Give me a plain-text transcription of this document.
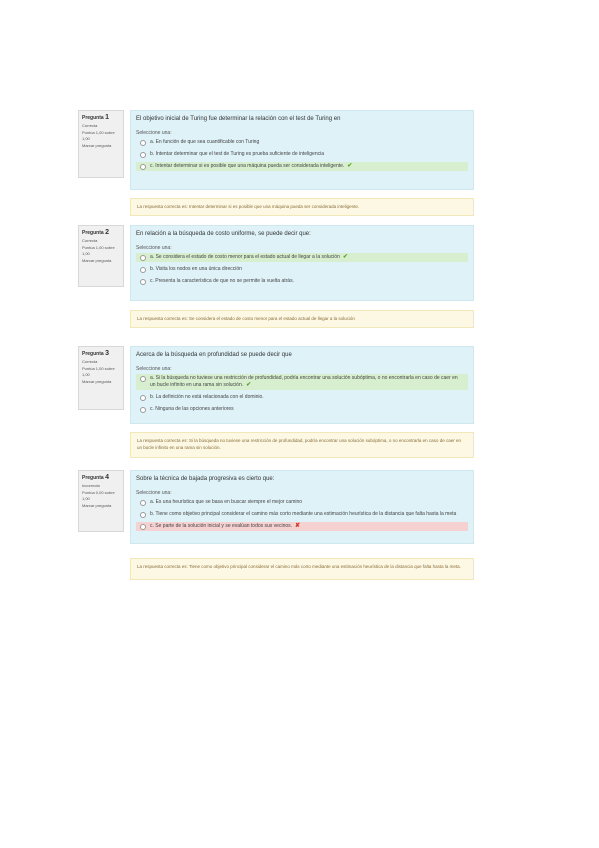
Pregunta 1
Correcta
Puntúa 1,00 sobre 1,00
Marcar pregunta
El objetivo inicial de Turing fue determinar la relación con el test de Turing en
Seleccione una:
a. En función de que sea cuantificable con Turing
b. Intentar determinar que el test de Turing es prueba suficiente de inteligencia
c. Intentar determinar si es posible que una máquina pueda ser considerada inteligente. ✔
La respuesta correcta es: Intentar determinar si es posible que una máquina pueda ser considerada inteligente.
Pregunta 2
Correcta
Puntúa 1,00 sobre 1,00
Marcar pregunta
En relación a la búsqueda de costo uniforme, se puede decir que:
Seleccione una:
a. Se considera el estado de costo menor para el estado actual de llegar a la solución ✔
b. Visita los nodos en una única dirección
c. Presenta la característica de que no se permite la vuelta atrás.
La respuesta correcta es: Se considera el estado de costo menor para el estado actual de llegar a la solución
Pregunta 3
Correcta
Puntúa 1,00 sobre 1,00
Marcar pregunta
Acerca de la búsqueda en profundidad se puede decir que
Seleccione una:
a. Si la búsqueda no tuviese una restricción de profundidad, podría encontrar una solución subóptima, o no encontrarla en caso de caer en un bucle infinito en una rama sin solución. ✔
b. La definición no está relacionada con el dominio.
c. Ninguna de las opciones anteriores
La respuesta correcta es: Si la búsqueda no tuviese una restricción de profundidad, podría encontrar una solución subóptima, o no encontrarla en caso de caer en un bucle infinito en una rama sin solución.
Pregunta 4
Incorrecta
Puntúa 0,00 sobre 1,00
Marcar pregunta
Sobre la técnica de bajada progresiva es cierto que:
Seleccione una:
a. Es una heurística que se basa en buscar siempre el mejor camino
b. Tiene como objetivo principal considerar el camino más corto mediante una estimación heurística de la distancia que falta hasta la meta
c. Se parte de la solución inicial y se evalúan todos sus vecinos. ✘
La respuesta correcta es: Tiene como objetivo principal considerar el camino más corto mediante una estimación heurística de la distancia que falta hasta la meta.
